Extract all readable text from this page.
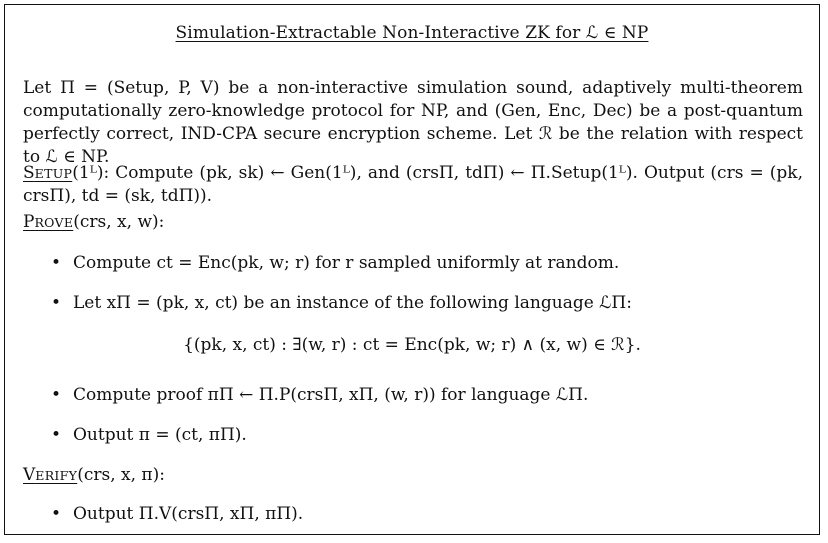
Simulation-Extractable Non-Interactive ZK for ℒ ∈ NP
Let Π = (Setup, P, V) be a non-interactive simulation sound, adaptively multi-theorem computationally zero-knowledge protocol for NP, and (Gen, Enc, Dec) be a post-quantum perfectly correct, IND-CPA secure encryption scheme. Let ℛ be the relation with respect to ℒ ∈ NP.
SETUP(1ᴸ): Compute (pk, sk) ← Gen(1ᴸ), and (crsΠ, tdΠ) ← Π.Setup(1ᴸ). Output (crs = (pk, crsΠ), td = (sk, tdΠ)).
PROVE(crs, x, w):
• Compute ct = Enc(pk, w; r) for r sampled uniformly at random.
• Let xΠ = (pk, x, ct) be an instance of the following language ℒΠ:
{(pk, x, ct) : ∃(w, r) : ct = Enc(pk, w; r) ∧ (x, w) ∈ ℛ}.
• Compute proof πΠ ← Π.P(crsΠ, xΠ, (w, r)) for language ℒΠ.
• Output π = (ct, πΠ).
VERIFY(crs, x, π):
• Output Π.V(crsΠ, xΠ, πΠ).
